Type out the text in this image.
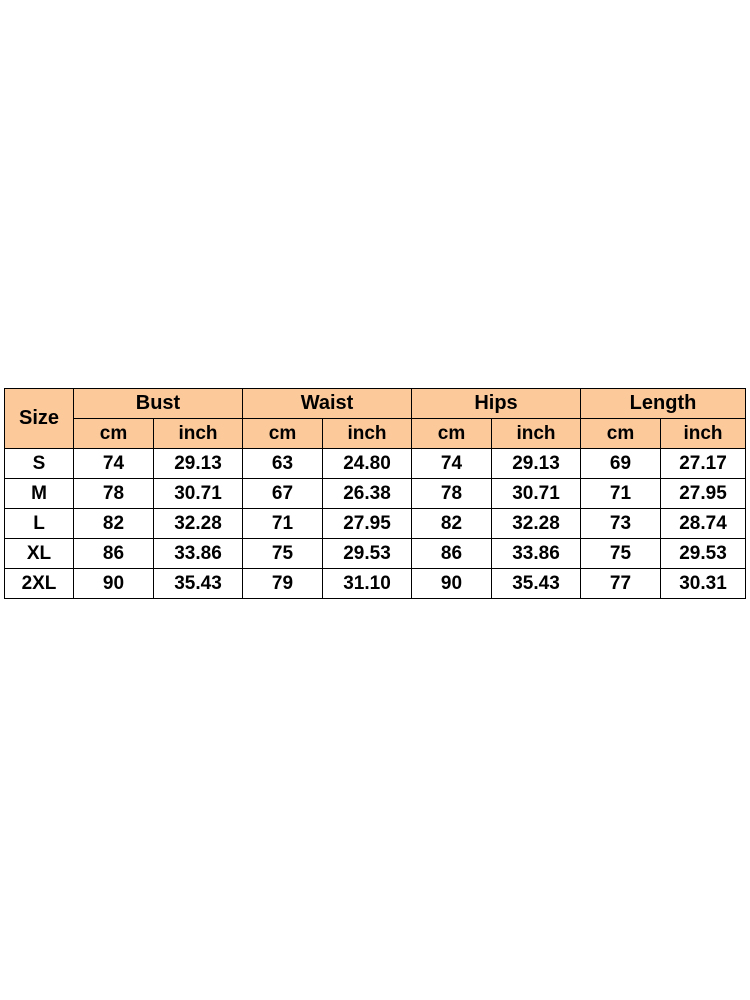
Size	Bust		Waist		Hips		Length	
	cm	inch	cm	inch	cm	inch	cm	inch
S	74	29.13	63	24.80	74	29.13	69	27.17
M	78	30.71	67	26.38	78	30.71	71	27.95
L	82	32.28	71	27.95	82	32.28	73	28.74
XL	86	33.86	75	29.53	86	33.86	75	29.53
2XL	90	35.43	79	31.10	90	35.43	77	30.31
